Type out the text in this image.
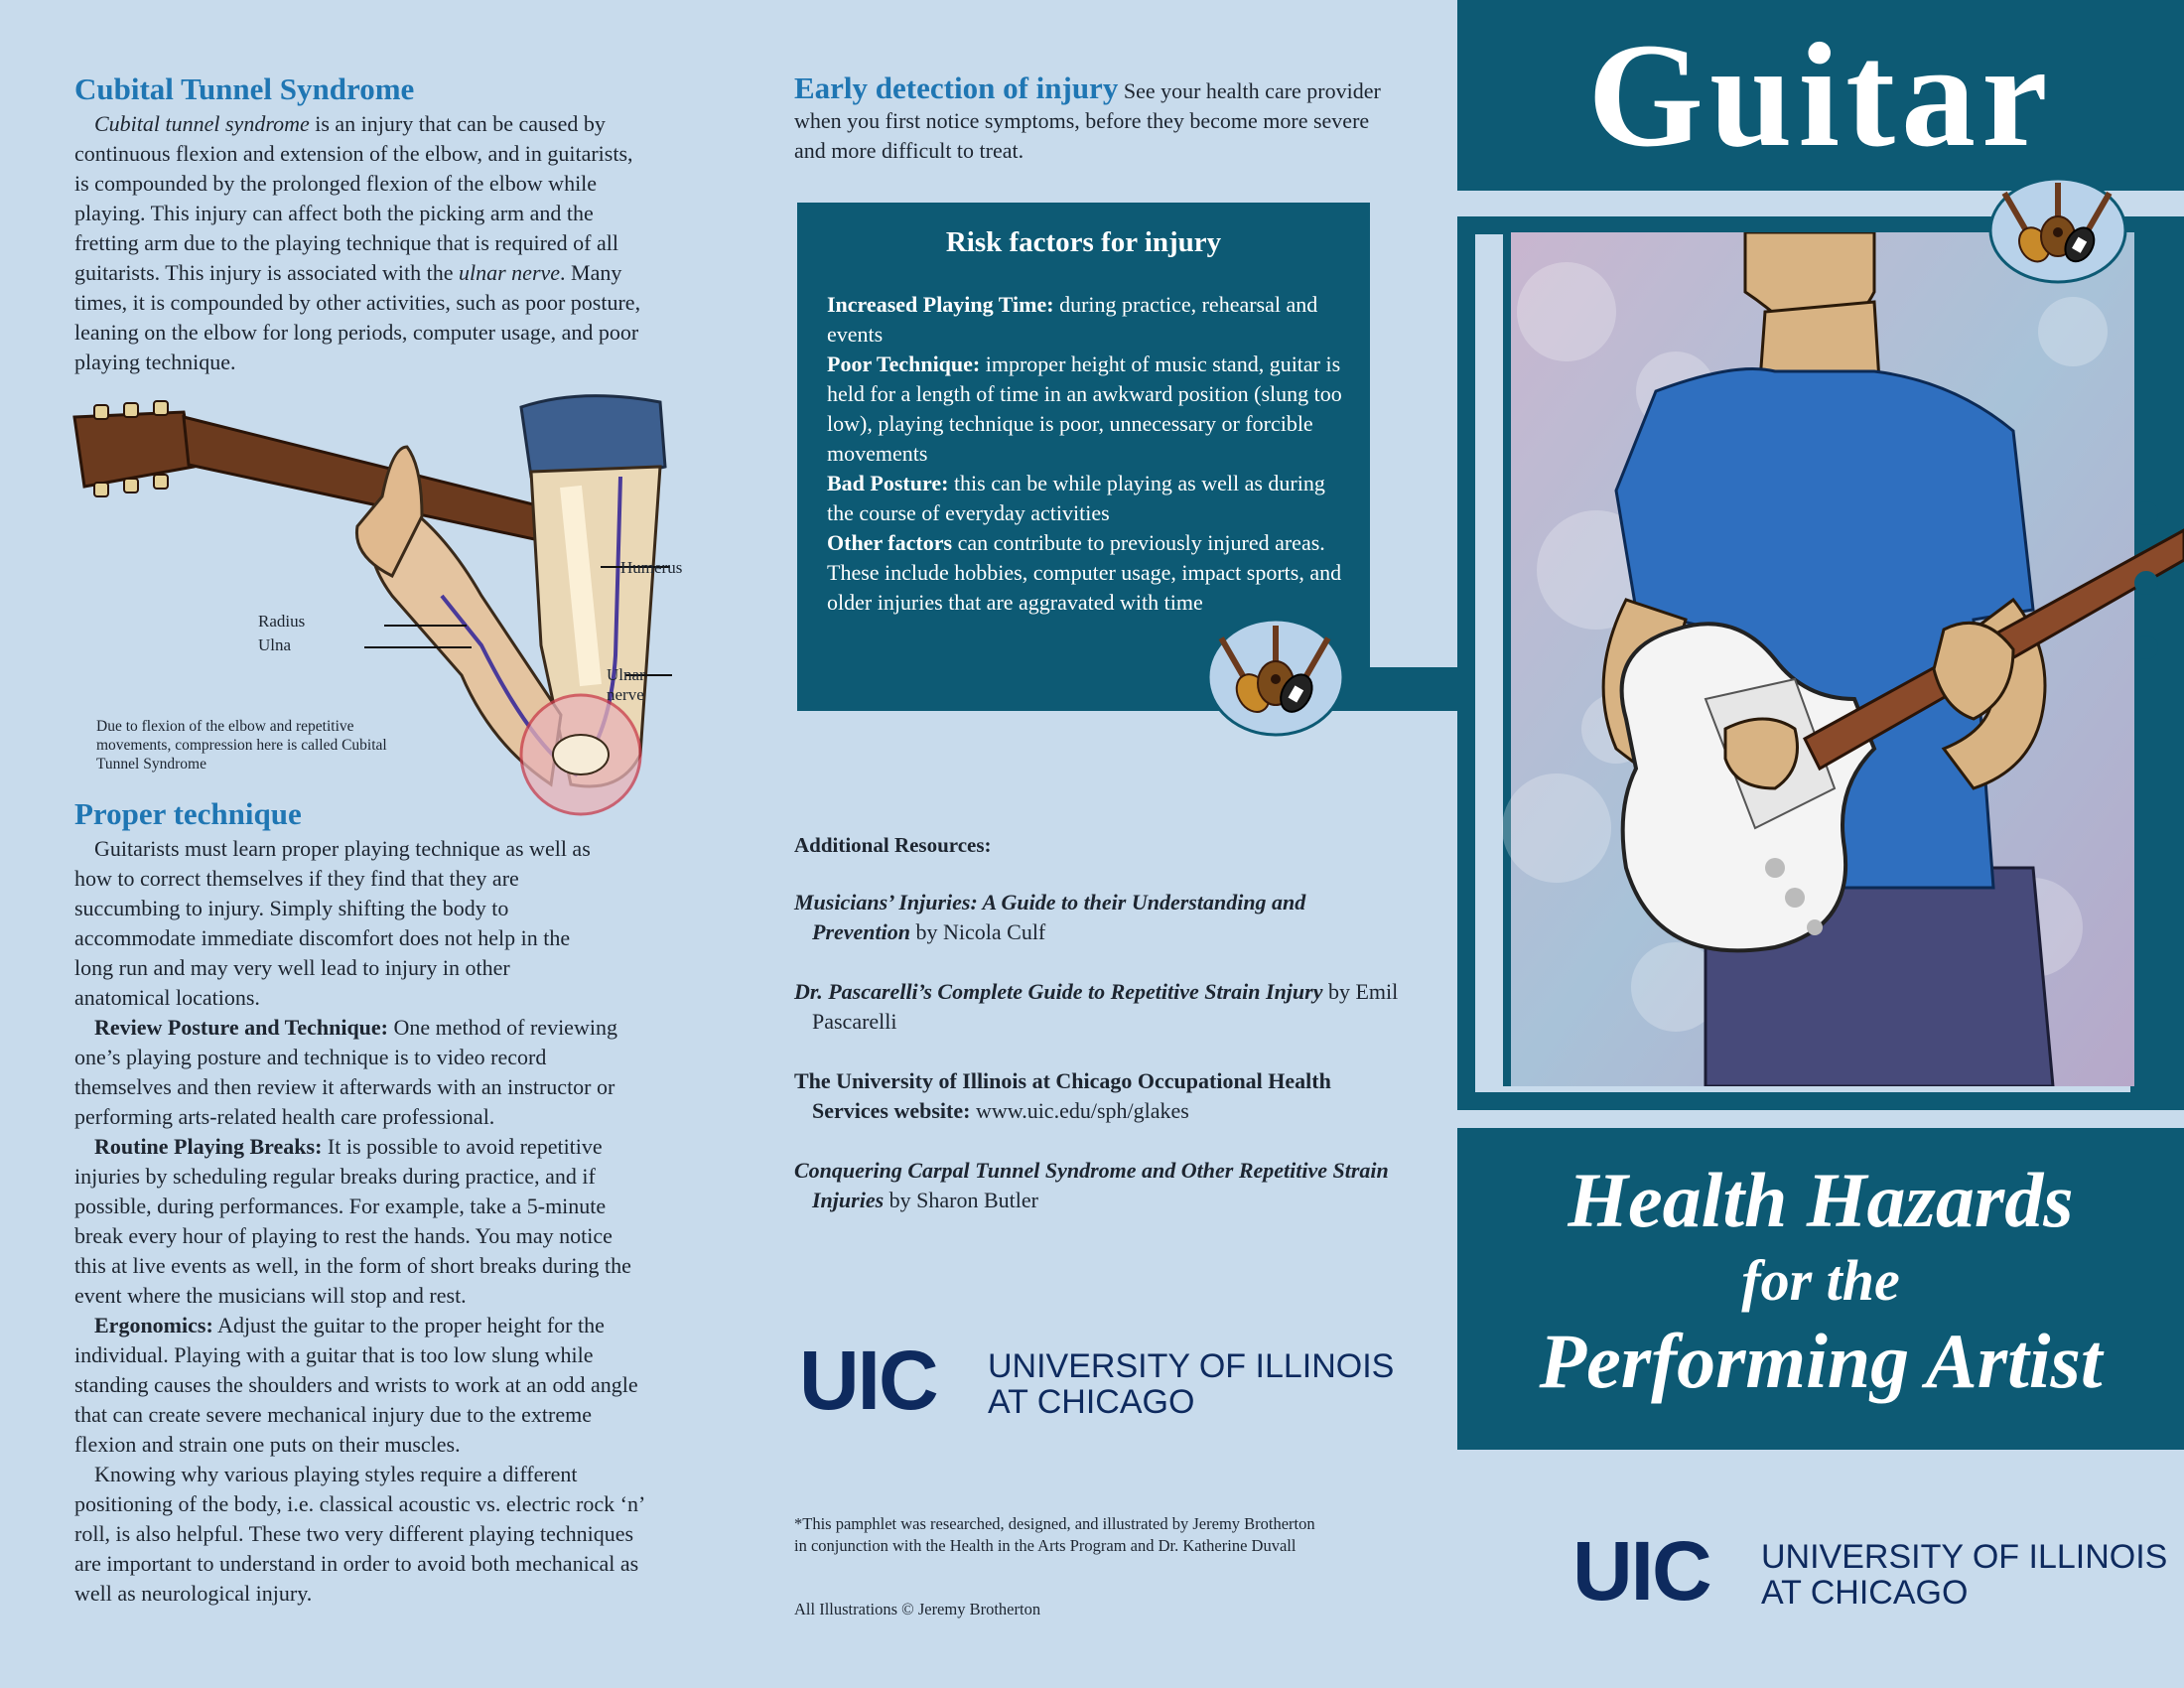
Cubital Tunnel Syndrome

Cubital tunnel syndrome is an injury that can be caused by continuous flexion and extension of the elbow, and in guitarists, is compounded by the prolonged flexion of the elbow while playing. This injury can affect both the picking arm and the fretting arm due to the playing technique that is required of all guitarists. This injury is associated with the ulnar nerve. Many times, it is compounded by other activities, such as poor posture, leaning on the elbow for long periods, computer usage, and poor playing technique.

Humerus
Radius
Ulna
Ulnar nerve
Due to flexion of the elbow and repetitive movements, compression here is called Cubital Tunnel Syndrome
Proper technique

Guitarists must learn proper playing technique as well as how to correct themselves if they find that they are succumbing to injury. Simply shifting the body to accommodate immediate discomfort does not help in the long run and may very well lead to injury in other anatomical locations.

Review Posture and Technique: One method of reviewing one’s playing posture and technique is to video record themselves and then review it afterwards with an instructor or performing arts-related health care professional.

Routine Playing Breaks: It is possible to avoid repetitive injuries by scheduling regular breaks during practice, and if possible, during performances. For example, take a 5-minute break every hour of playing to rest the hands. You may notice this at live events as well, in the form of short breaks during the event where the musicians will stop and rest.

Ergonomics: Adjust the guitar to the proper height for the individual. Playing with a guitar that is too low slung while standing causes the shoulders and wrists to work at an odd angle that can create severe mechanical injury due to the extreme flexion and strain one puts on their muscles.

Knowing why various playing styles require a different positioning of the body, i.e. classical acoustic vs. electric rock ‘n’ roll, is also helpful. These two very different playing techniques are important to understand in order to avoid both mechanical as well as neurological injury.

Early detection of injury See your health care provider when you first notice symptoms, before they become more severe and more difficult to treat.

Risk factors for injury
Increased Playing Time: during practice, rehearsal and events
Poor Technique: improper height of music stand, guitar is held for a length of time in an awkward position (slung too low), playing technique is poor, unnecessary or forcible movements
Bad Posture: this can be while playing as well as during the course of everyday activities
Other factors can contribute to previously injured areas. These include hobbies, computer usage, impact sports, and older injuries that are aggravated with time
Additional Resources:

Musicians’ Injuries: A Guide to their Understanding and Prevention by Nicola Culf

Dr. Pascarelli’s Complete Guide to Repetitive Strain Injury by Emil Pascarelli

The University of Illinois at Chicago Occupational Health Services website: www.uic.edu/sph/glakes

Conquering Carpal Tunnel Syndrome and Other Repetitive Strain Injuries by Sharon Butler

UIC UNIVERSITY OF ILLINOIS
AT CHICAGO
*This pamphlet was researched, designed, and illustrated by Jeremy Brotherton
in conjunction with the Health in the Arts Program and Dr. Katherine Duvall
All Illustrations © Jeremy Brotherton
Guitar
Health Hazards
for the
Performing Artist
UIC UNIVERSITY OF ILLINOIS
AT CHICAGO
